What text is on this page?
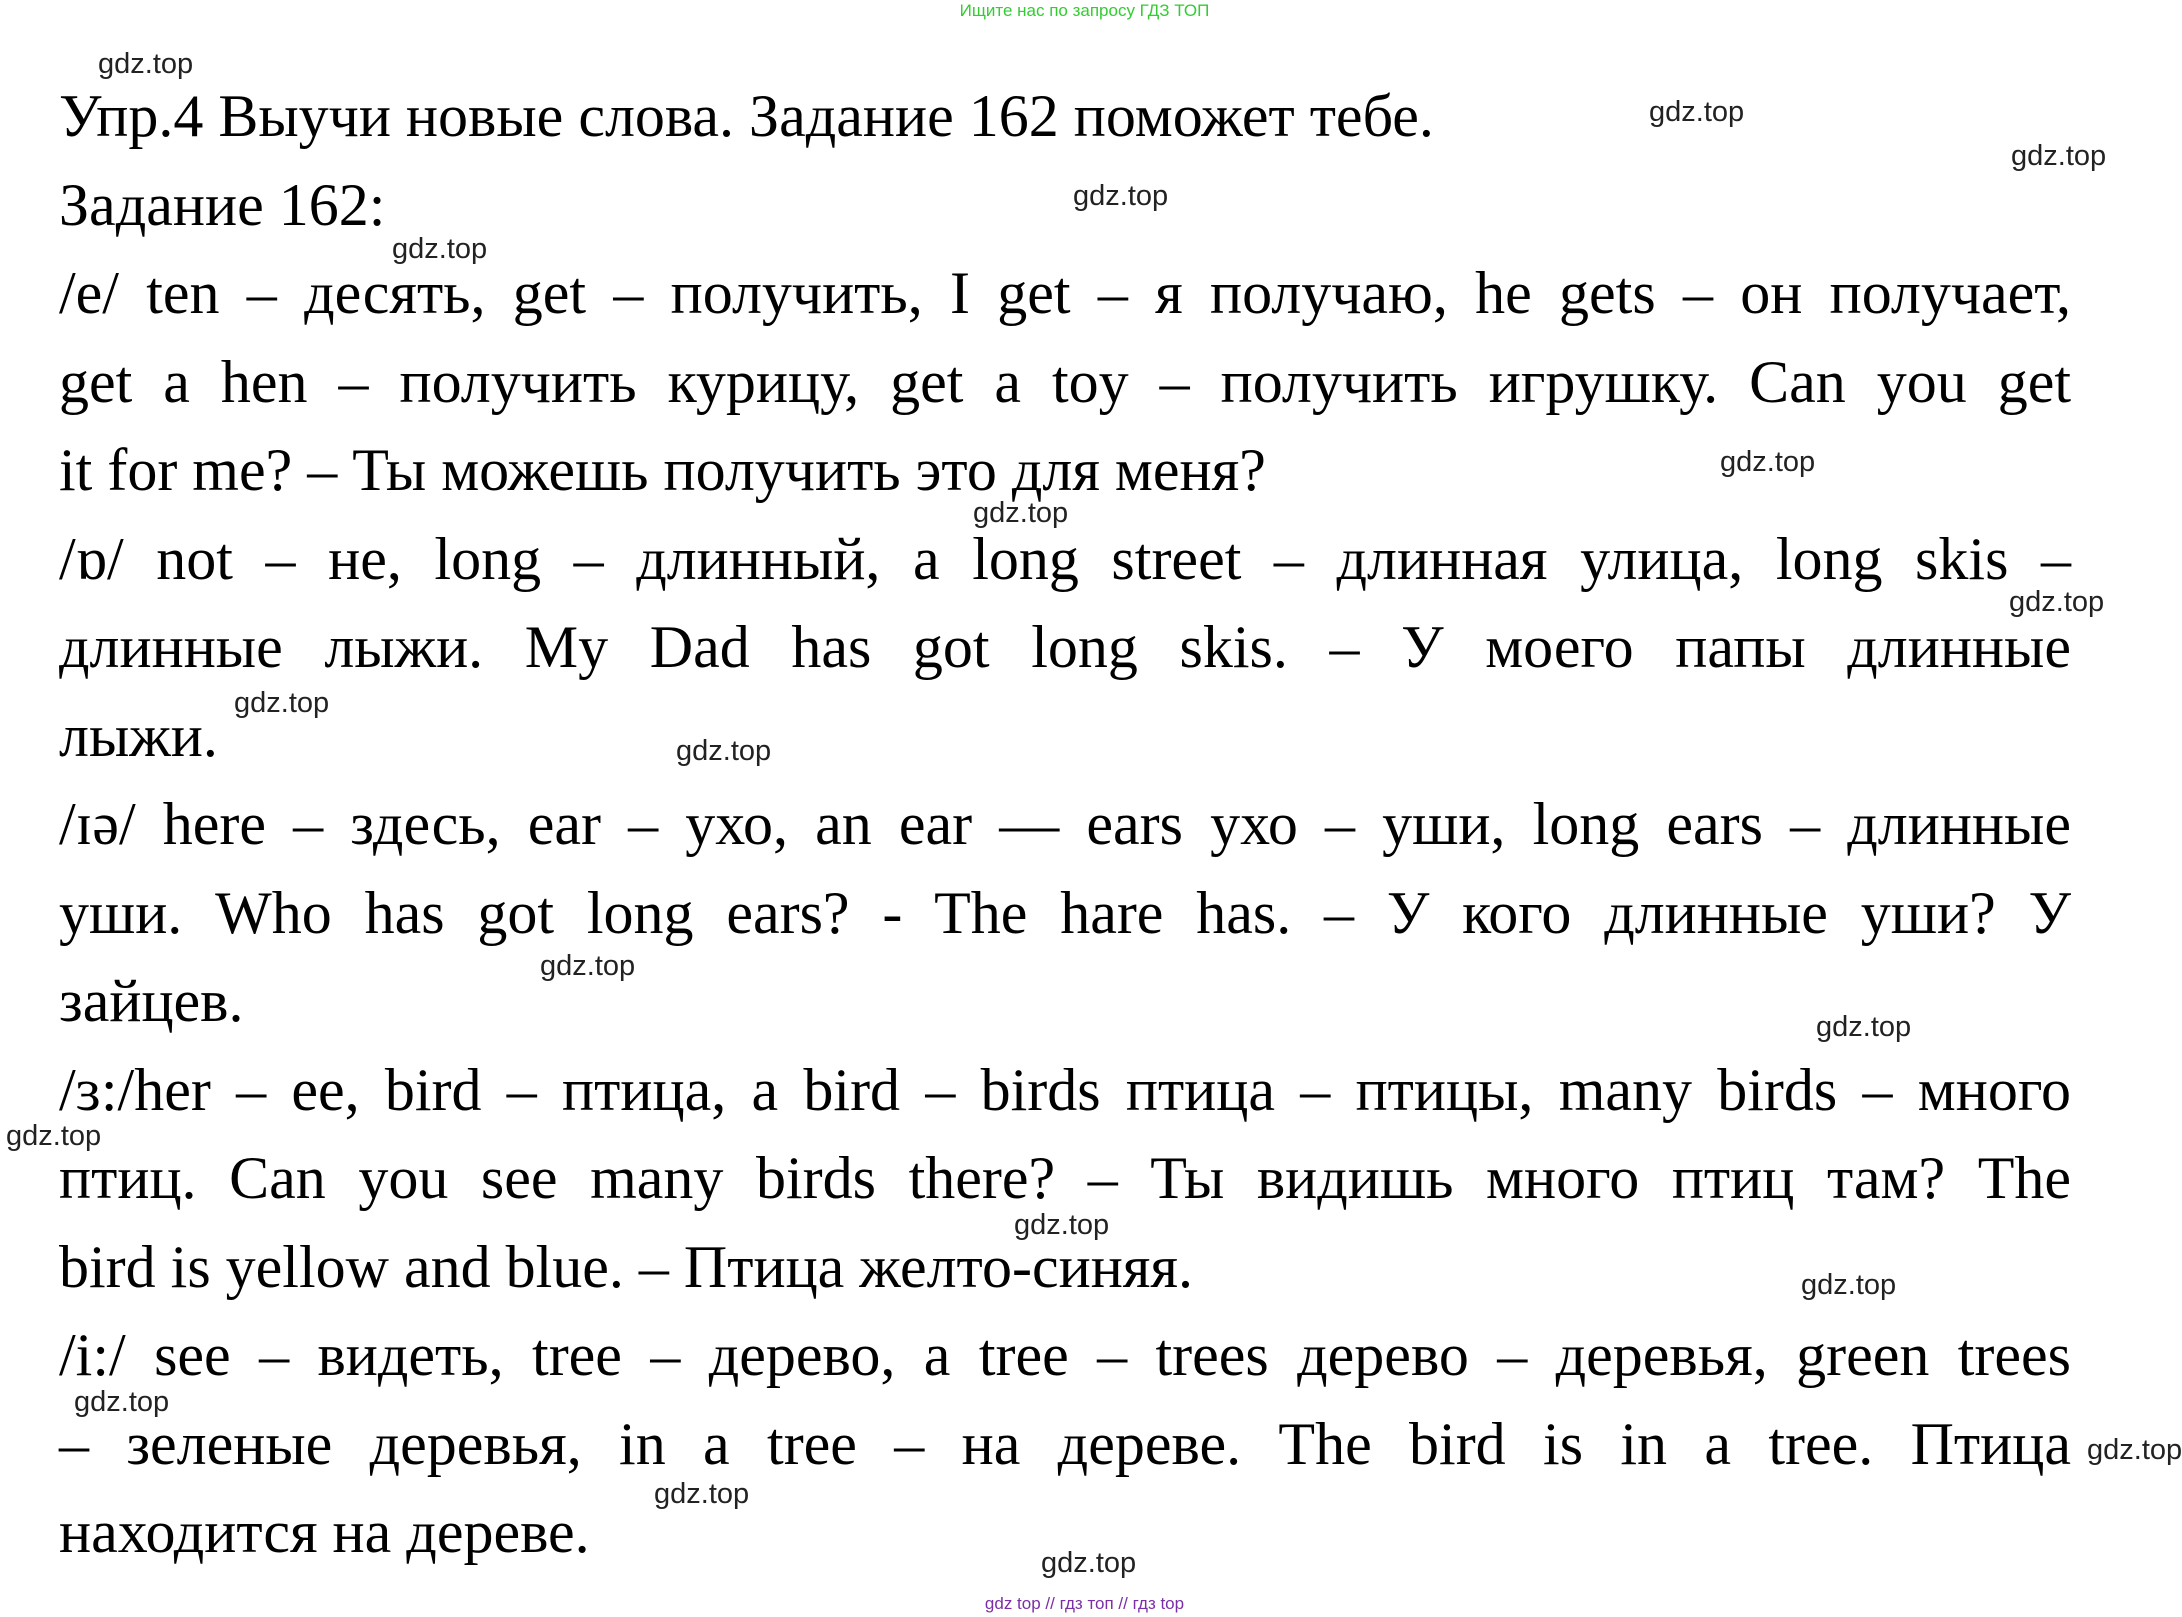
Ищите нас по запросу ГДЗ ТОП
Упр.4 Выучи новые слова. Задание 162 поможет тебе.
Задание 162:
/e/ ten – десять, get – получить, I get – я получаю, he gets – он получает,
get a hen – получить курицу, get a toy – получить игрушку. Can you get
it for me? – Ты можешь получить это для меня?
/ɒ/ not – не, long – длинный, a long street – длинная улица, long skis –
длинные лыжи. My Dad has got long skis. – У моего папы длинные
лыжи.
/ɪə/ here – здесь, ear – ухо, an ear — ears ухо – уши, long ears – длинные
уши. Who has got long ears? - The hare has. – У кого длинные уши? У
зайцев.
/ɜ:/her – ее, bird – птица, a bird – birds птица – птицы, many birds – много
птиц. Can you see many birds there? – Ты видишь много птиц там? The
bird is yellow and blue. – Птица желто-синяя.
/i:/ see – видеть, tree – дерево, a tree – trees дерево – деревья, green trees
– зеленые деревья, in a tree – на дереве. The bird is in a tree. Птица
находится на дереве.
gdz.top
gdz.top
gdz.top
gdz.top
gdz.top
gdz.top
gdz.top
gdz.top
gdz.top
gdz.top
gdz.top
gdz.top
gdz.top
gdz.top
gdz.top
gdz.top
gdz.top
gdz.top
gdz.top
gdz top // гдз топ // гдз top
